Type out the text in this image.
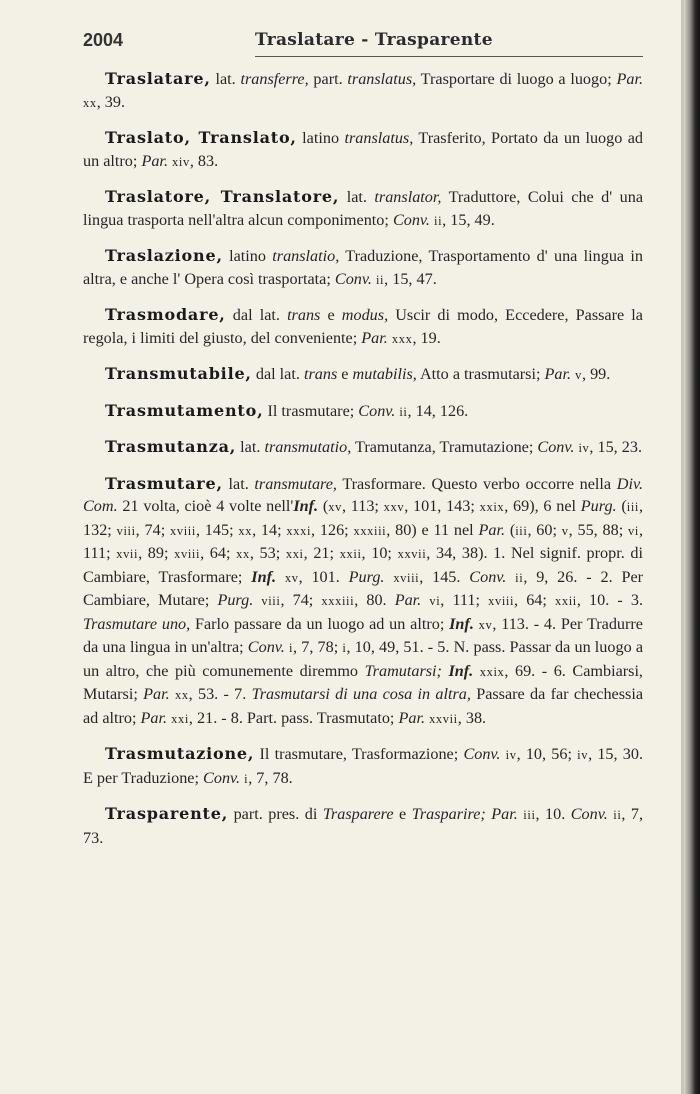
2004	Traslatare - Trasparente

Traslatare, lat. transferre, part. translatus, Trasportare di luogo a luogo; Par. xx, 39.

Traslato, Translato, latino translatus, Trasferito, Portato da un luogo ad un altro; Par. xiv, 83.

Traslatore, Translatore, lat. translator, Traduttore, Colui che d' una lingua trasporta nell'altra alcun componimento; Conv. ii, 15, 49.

Traslazione, latino translatio, Traduzione, Trasportamento d' una lingua in altra, e anche l' Opera così trasportata; Conv. ii, 15, 47.

Trasmodare, dal lat. trans e modus, Uscir di modo, Eccedere, Passare la regola, i limiti del giusto, del conveniente; Par. xxx, 19.

Transmutabile, dal lat. trans e mutabilis, Atto a trasmutarsi; Par. v, 99.

Trasmutamento, Il trasmutare; Conv. ii, 14, 126.

Trasmutanza, lat. transmutatio, Tramutanza, Tramutazione; Conv. iv, 15, 23.

Trasmutare, lat. transmutare, Trasformare. Questo verbo occorre nella Div. Com. 21 volta, cioè 4 volte nell'Inf. (xv, 113; xxv, 101, 143; xxix, 69), 6 nel Purg. (iii, 132; viii, 74; xviii, 145; xx, 14; xxxi, 126; xxxiii, 80) e 11 nel Par. (iii, 60; v, 55, 88; vi, 111; xvii, 89; xviii, 64; xx, 53; xxi, 21; xxii, 10; xxvii, 34, 38). 1. Nel signif. propr. di Cambiare, Trasformare; Inf. xv, 101. Purg. xviii, 145. Conv. ii, 9, 26. - 2. Per Cambiare, Mutare; Purg. viii, 74; xxxiii, 80. Par. vi, 111; xviii, 64; xxii, 10. - 3. Trasmutare uno, Farlo passare da un luogo ad un altro; Inf. xv, 113. - 4. Per Tradurre da una lingua in un'altra; Conv. i, 7, 78; i, 10, 49, 51. - 5. N. pass. Passar da un luogo a un altro, che più comunemente diremmo Tramutarsi; Inf. xxix, 69. - 6. Cambiarsi, Mutarsi; Par. xx, 53. - 7. Trasmutarsi di una cosa in altra, Passare da far chechessia ad altro; Par. xxi, 21. - 8. Part. pass. Trasmutato; Par. xxvii, 38.

Trasmutazione, Il trasmutare, Trasformazione; Conv. iv, 10, 56; iv, 15, 30. E per Traduzione; Conv. i, 7, 78.

Trasparente, part. pres. di Trasparere e Trasparire; Par. iii, 10. Conv. ii, 7, 73.
